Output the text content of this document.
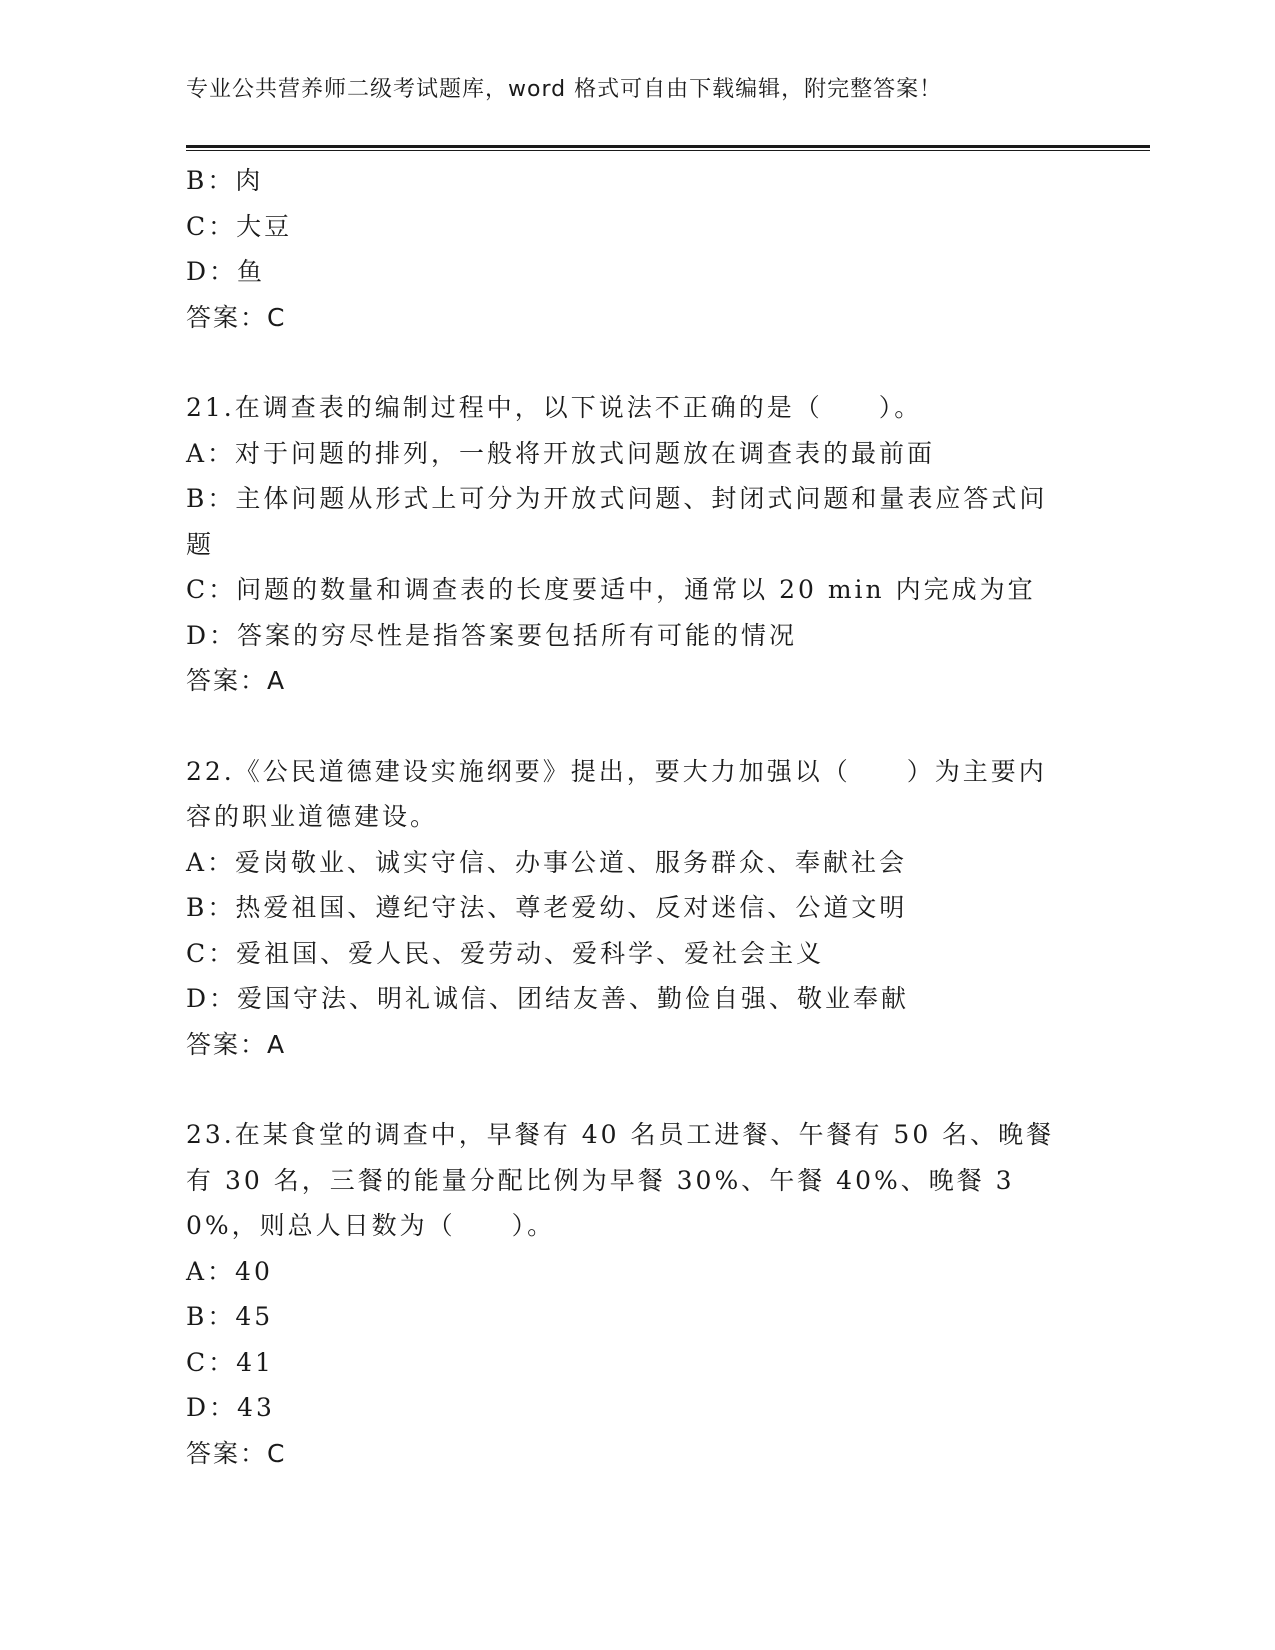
专业公共营养师二级考试题库，word 格式可自由下载编辑，附完整答案！
B：肉
C：大豆
D：鱼
答案：C
21.在调查表的编制过程中，以下说法不正确的是（　　）。
A：对于问题的排列，一般将开放式问题放在调查表的最前面
B：主体问题从形式上可分为开放式问题、封闭式问题和量表应答式问题
C：问题的数量和调查表的长度要适中，通常以 20 min 内完成为宜
D：答案的穷尽性是指答案要包括所有可能的情况
答案：A
22.《公民道德建设实施纲要》提出，要大力加强以（　　）为主要内容的职业道德建设。
A：爱岗敬业、诚实守信、办事公道、服务群众、奉献社会
B：热爱祖国、遵纪守法、尊老爱幼、反对迷信、公道文明
C：爱祖国、爱人民、爱劳动、爱科学、爱社会主义
D：爱国守法、明礼诚信、团结友善、勤俭自强、敬业奉献
答案：A
23.在某食堂的调查中，早餐有 40 名员工进餐、午餐有 50 名、晚餐有 30 名，三餐的能量分配比例为早餐 30%、午餐 40%、晚餐 30%，则总人日数为（　　）。
A：40
B：45
C：41
D：43
答案：C
